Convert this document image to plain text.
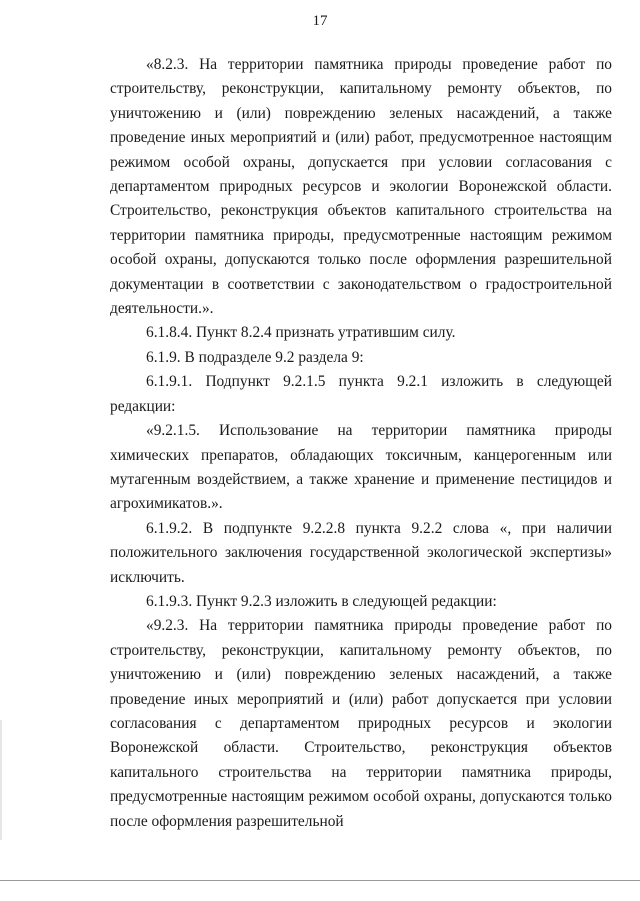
17

«8.2.3. На территории памятника природы проведение работ по строительству, реконструкции, капитальному ремонту объектов, по уничтожению и (или) повреждению зеленых насаждений, а также проведение иных мероприятий и (или) работ, предусмотренное настоящим режимом особой охраны, допускается при условии согласования с департаментом природных ресурсов и экологии Воронежской области. Строительство, реконструкция объектов капитального строительства на территории памятника природы, предусмотренные настоящим режимом особой охраны, допускаются только после оформления разрешительной документации в соответствии с законодательством о градостроительной деятельности.».

6.1.8.4. Пункт 8.2.4 признать утратившим силу.

6.1.9. В подразделе 9.2 раздела 9:

6.1.9.1. Подпункт 9.2.1.5 пункта 9.2.1 изложить в следующей редакции:

«9.2.1.5. Использование на территории памятника природы химических препаратов, обладающих токсичным, канцерогенным или мутагенным воздействием, а также хранение и применение пестицидов и агрохимикатов.».

6.1.9.2. В подпункте 9.2.2.8 пункта 9.2.2 слова «, при наличии положительного заключения государственной экологической экспертизы» исключить.

6.1.9.3. Пункт 9.2.3 изложить в следующей редакции:

«9.2.3. На территории памятника природы проведение работ по строительству, реконструкции, капитальному ремонту объектов, по уничтожению и (или) повреждению зеленых насаждений, а также проведение иных мероприятий и (или) работ допускается при условии согласования с департаментом природных ресурсов и экологии Воронежской области. Строительство, реконструкция объектов капитального строительства на территории памятника природы, предусмотренные настоящим режимом особой охраны, допускаются только после оформления разрешительной
